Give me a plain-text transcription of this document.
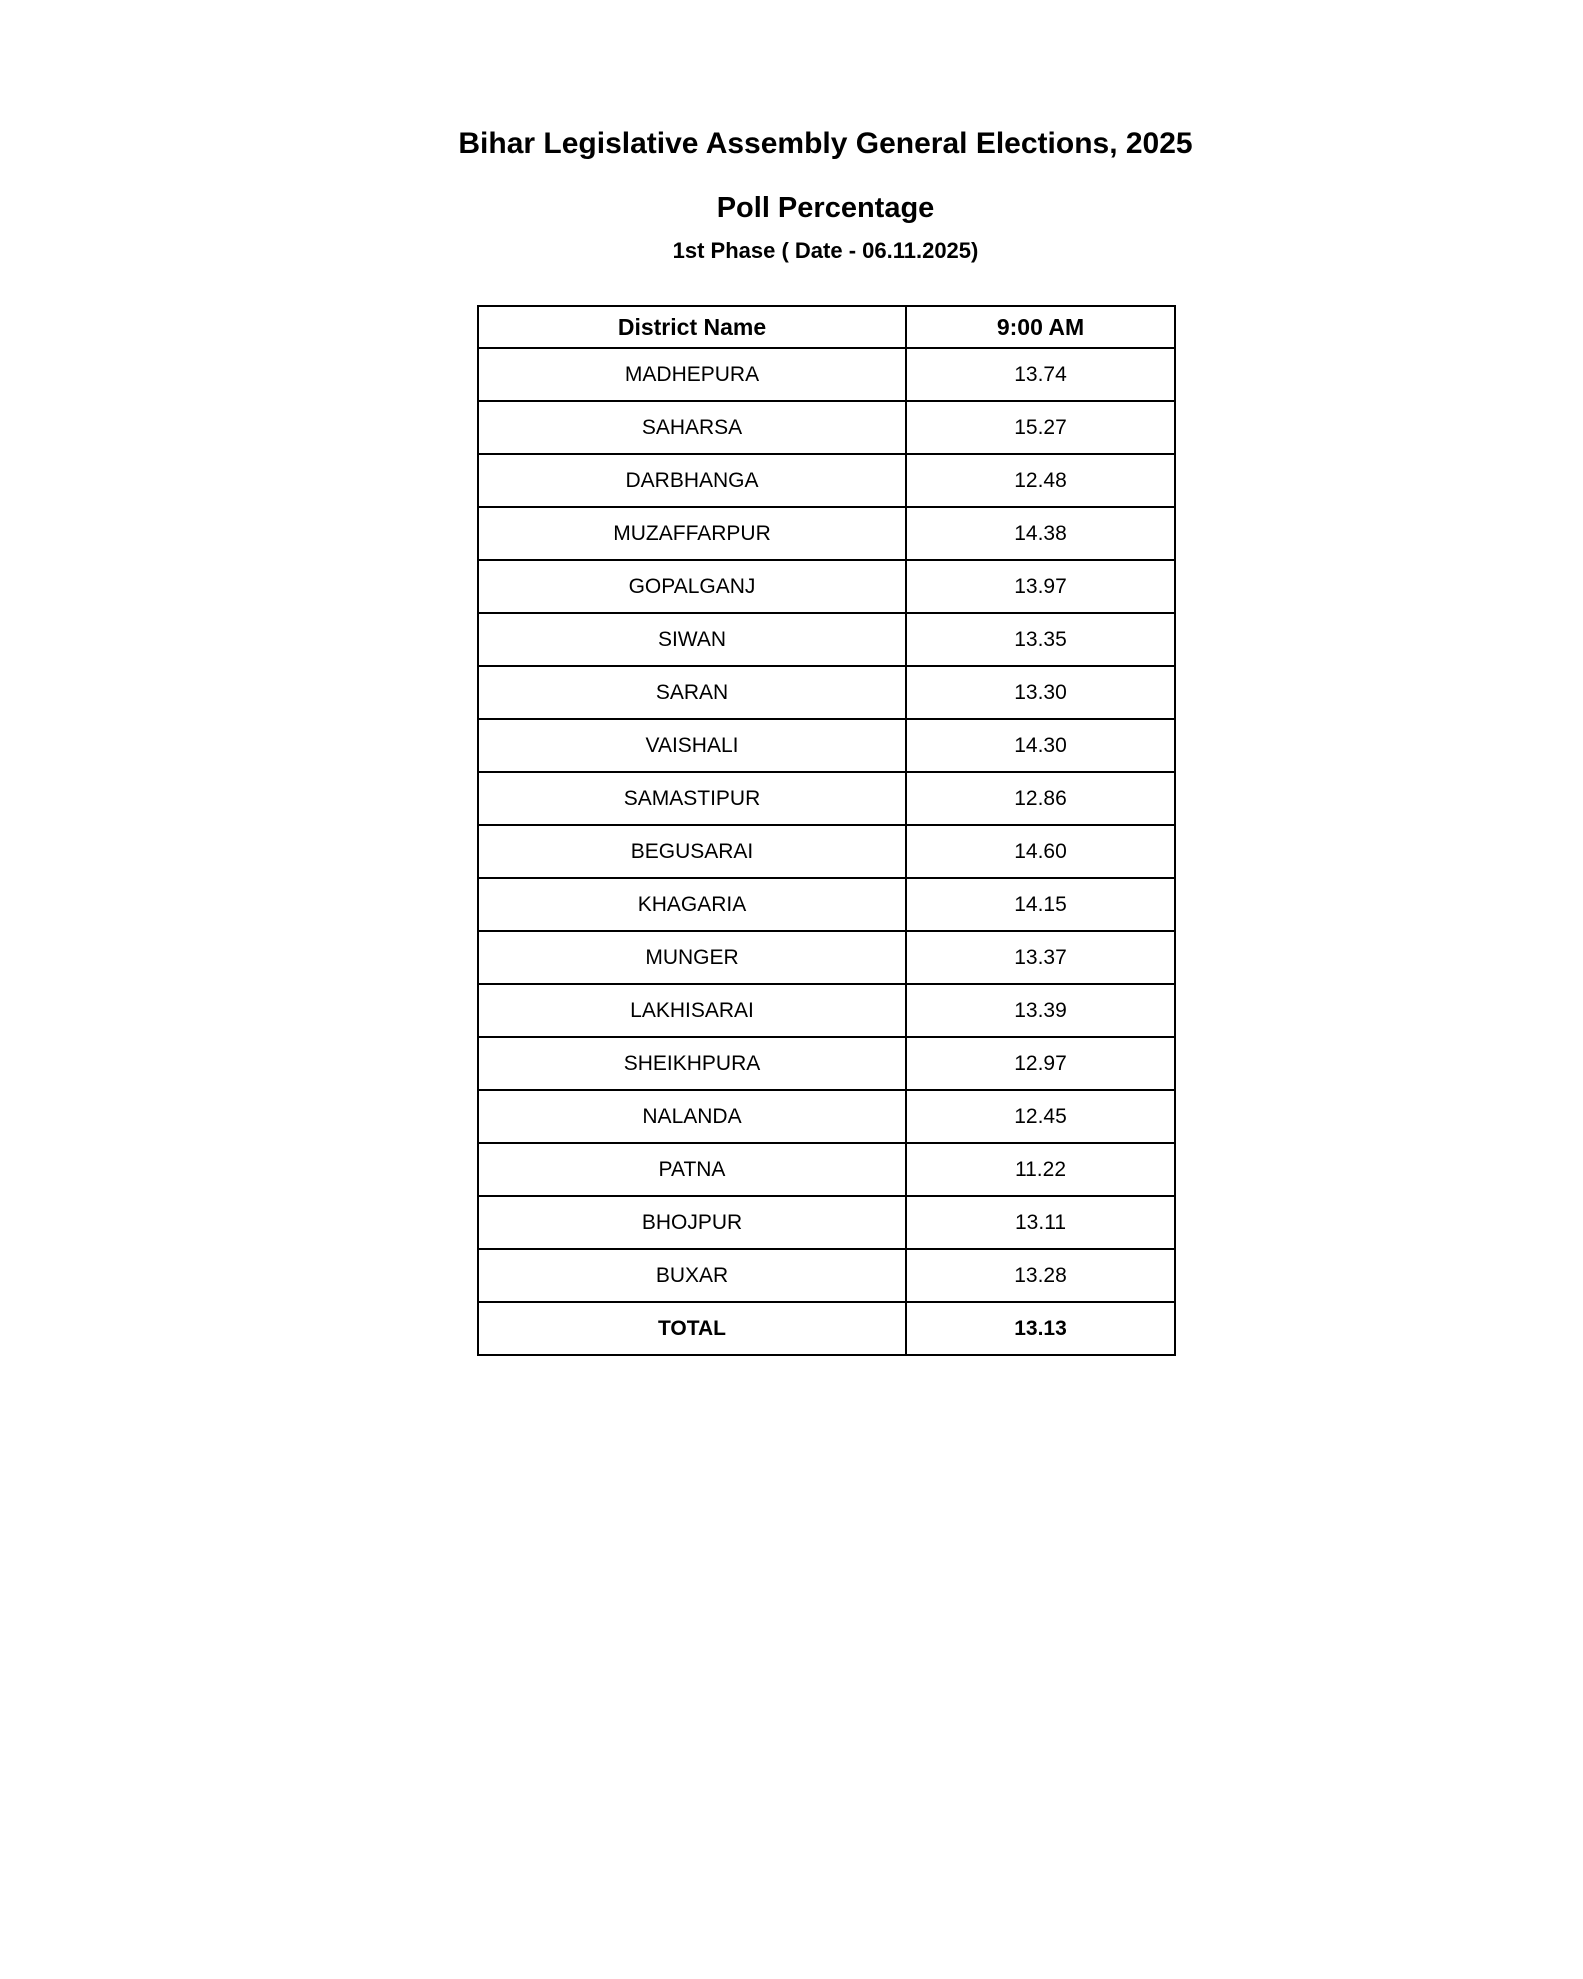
Bihar Legislative Assembly General Elections, 2025
Poll Percentage
1st Phase ( Date - 06.11.2025)
District Name	9:00 AM
MADHEPURA	13.74
SAHARSA	15.27
DARBHANGA	12.48
MUZAFFARPUR	14.38
GOPALGANJ	13.97
SIWAN	13.35
SARAN	13.30
VAISHALI	14.30
SAMASTIPUR	12.86
BEGUSARAI	14.60
KHAGARIA	14.15
MUNGER	13.37
LAKHISARAI	13.39
SHEIKHPURA	12.97
NALANDA	12.45
PATNA	11.22
BHOJPUR	13.11
BUXAR	13.28
TOTAL	13.13
